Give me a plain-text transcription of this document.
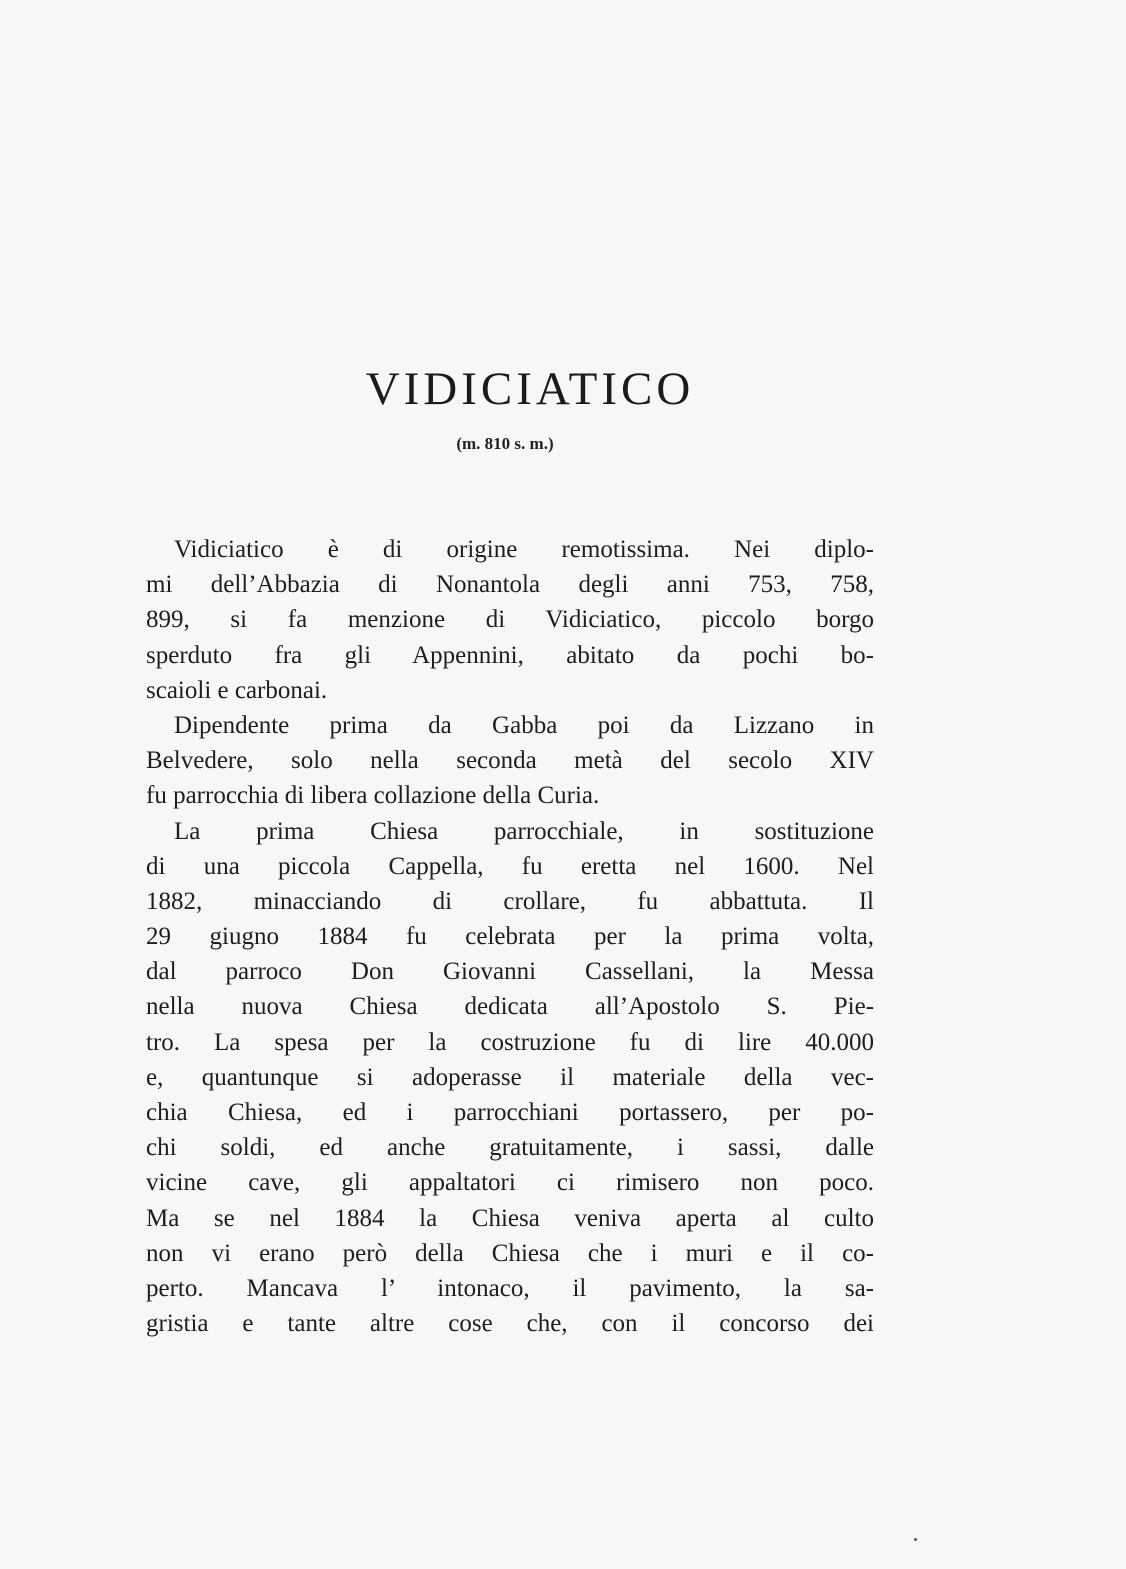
VIDICIATICO
(m. 810 s. m.)
Vidiciatico è di origine remotissima. Nei diplo-
mi dell’Abbazia di Nonantola degli anni 753, 758,
899, si fa menzione di Vidiciatico, piccolo borgo
sperduto fra gli Appennini, abitato da pochi bo-
scaioli e carbonai.
Dipendente prima da Gabba poi da Lizzano in
Belvedere, solo nella seconda metà del secolo XIV
fu parrocchia di libera collazione della Curia.
La prima Chiesa parrocchiale, in sostituzione
di una piccola Cappella, fu eretta nel 1600. Nel
1882, minacciando di crollare, fu abbattuta. Il
29 giugno 1884 fu celebrata per la prima volta,
dal parroco Don Giovanni Cassellani, la Messa
nella nuova Chiesa dedicata all’Apostolo S. Pie-
tro. La spesa per la costruzione fu di lire 40.000
e, quantunque si adoperasse il materiale della vec-
chia Chiesa, ed i parrocchiani portassero, per po-
chi soldi, ed anche gratuitamente, i sassi, dalle
vicine cave, gli appaltatori ci rimisero non poco.
Ma se nel 1884 la Chiesa veniva aperta al culto
non vi erano però della Chiesa che i muri e il co-
perto. Mancava l’ intonaco, il pavimento, la sa-
gristia e tante altre cose che, con il concorso dei
